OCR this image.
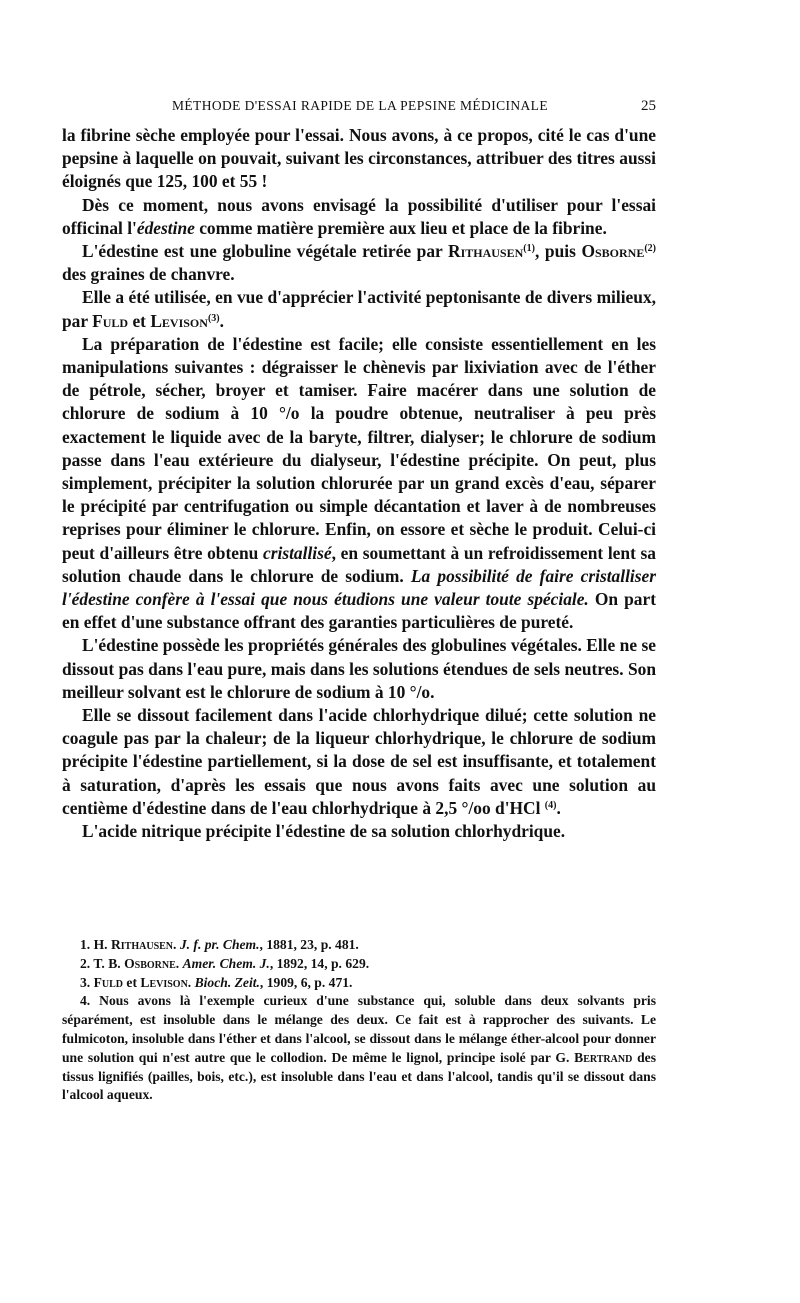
MÉTHODE D'ESSAI RAPIDE DE LA PEPSINE MÉDICINALE	25

la fibrine sèche employée pour l'essai. Nous avons, à ce propos, cité le cas d'une pepsine à laquelle on pouvait, suivant les circonstances, attribuer des titres aussi éloignés que 125, 100 et 55 !

Dès ce moment, nous avons envisagé la possibilité d'utiliser pour l'essai officinal l'édestine comme matière première aux lieu et place de la fibrine.

L'édestine est une globuline végétale retirée par Rithausen$^{(1)}$, puis Osborne$^{(2)}$ des graines de chanvre.

Elle a été utilisée, en vue d'apprécier l'activité peptonisante de divers milieux, par Fuld et Levison$^{(3)}$.

La préparation de l'édestine est facile; elle consiste essentiellement en les manipulations suivantes : dégraisser le chènevis par lixiviation avec de l'éther de pétrole, sécher, broyer et tamiser. Faire macérer dans une solution de chlorure de sodium à 10 °/o la poudre obtenue, neutraliser à peu près exactement le liquide avec de la baryte, filtrer, dialyser; le chlorure de sodium passe dans l'eau extérieure du dialyseur, l'édestine précipite. On peut, plus simplement, précipiter la solution chlorurée par un grand excès d'eau, séparer le précipité par centrifugation ou simple décantation et laver à de nombreuses reprises pour éliminer le chlorure. Enfin, on essore et sèche le produit. Celui-ci peut d'ailleurs être obtenu cristallisé, en soumettant à un refroidissement lent sa solution chaude dans le chlorure de sodium. La possibilité de faire cristalliser l'édestine confère à l'essai que nous étudions une valeur toute spéciale. On part en effet d'une substance offrant des garanties particulières de pureté.

L'édestine possède les propriétés générales des globulines végétales. Elle ne se dissout pas dans l'eau pure, mais dans les solutions étendues de sels neutres. Son meilleur solvant est le chlorure de sodium à 10 °/o.

Elle se dissout facilement dans l'acide chlorhydrique dilué; cette solution ne coagule pas par la chaleur; de la liqueur chlorhydrique, le chlorure de sodium précipite l'édestine partiellement, si la dose de sel est insuffisante, et totalement à saturation, d'après les essais que nous avons faits avec une solution au centième d'édestine dans de l'eau chlorhydrique à 2,5 °/oo d'HCl $^{(4)}$.

L'acide nitrique précipite l'édestine de sa solution chlorhydrique.

1. H. Rithausen. J. f. pr. Chem., 1881, 23, p. 481.

2. T. B. Osborne. Amer. Chem. J., 1892, 14, p. 629.

3. Fuld et Levison. Bioch. Zeit., 1909, 6, p. 471.

4. Nous avons là l'exemple curieux d'une substance qui, soluble dans deux solvants pris séparément, est insoluble dans le mélange des deux. Ce fait est à rapprocher des suivants. Le fulmicoton, insoluble dans l'éther et dans l'alcool, se dissout dans le mélange éther-alcool pour donner une solution qui n'est autre que le collodion. De même le lignol, principe isolé par G. Bertrand des tissus lignifiés (pailles, bois, etc.), est insoluble dans l'eau et dans l'alcool, tandis qu'il se dissout dans l'alcool aqueux.
